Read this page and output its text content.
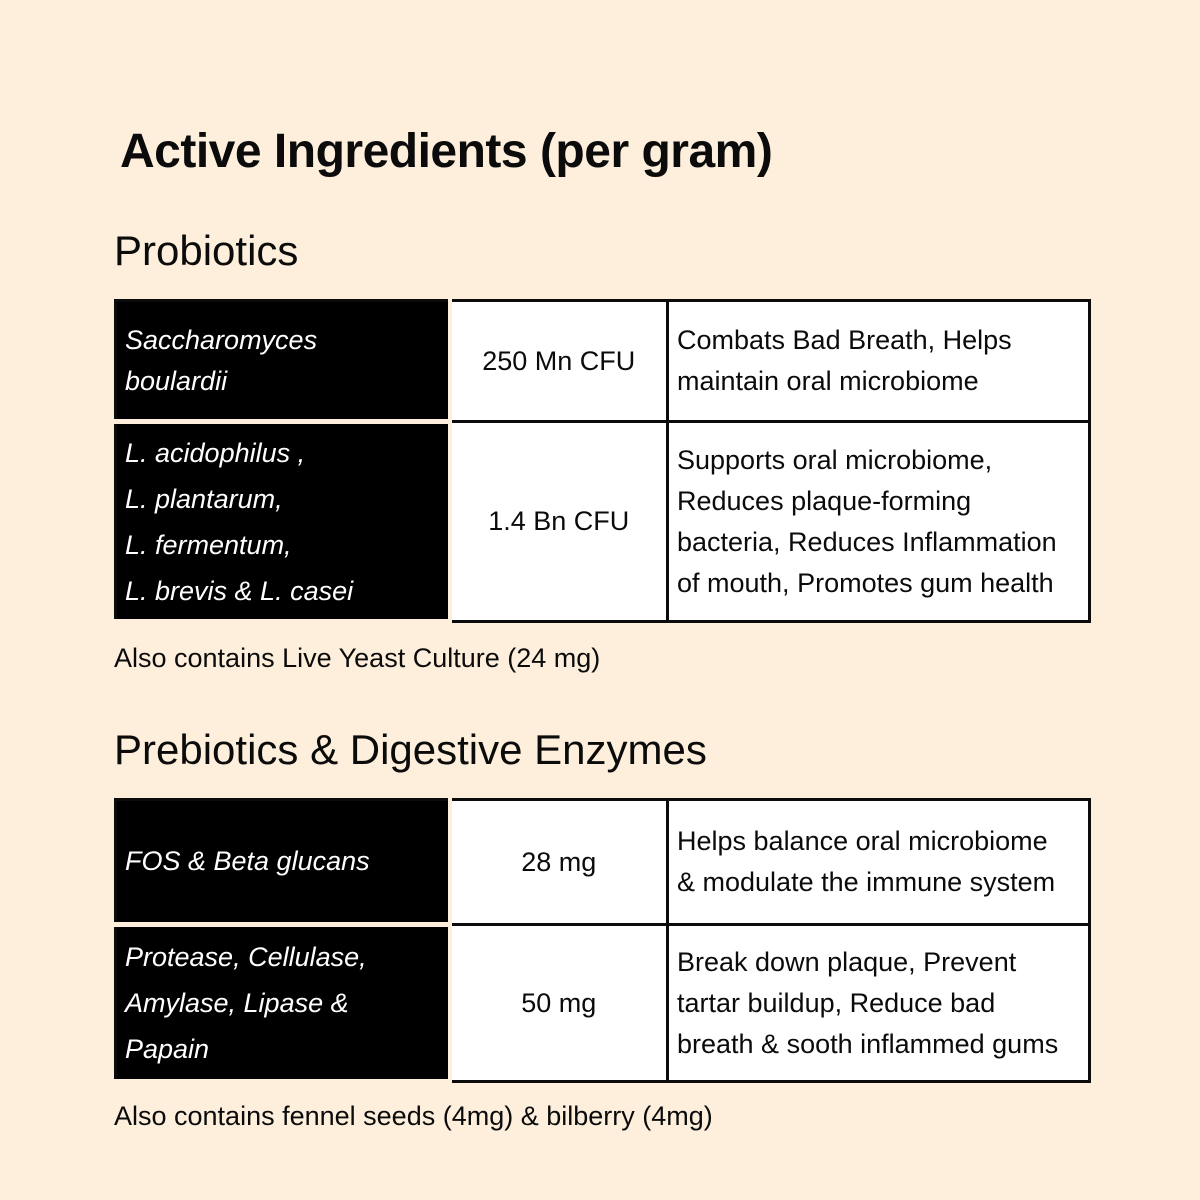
Active Ingredients (per gram)
Probiotics
Saccharomyces
boulardii	250 Mn CFU	Combats Bad Breath, Helps
maintain oral microbiome

L. acidophilus ,
L. plantarum,
L. fermentum,
L. brevis & L. casei	1.4 Bn CFU	Supports oral microbiome,
Reduces plaque-forming
bacteria, Reduces Inflammation
of mouth, Promotes gum health
Also contains Live Yeast Culture (24 mg)
Prebiotics & Digestive Enzymes
FOS & Beta glucans	28 mg	Helps balance oral microbiome
& modulate the immune system

Protease, Cellulase,
Amylase, Lipase &
Papain	50 mg	Break down plaque, Prevent
tartar buildup, Reduce bad
breath & sooth inflammed gums
Also contains fennel seeds (4mg) & bilberry (4mg)
